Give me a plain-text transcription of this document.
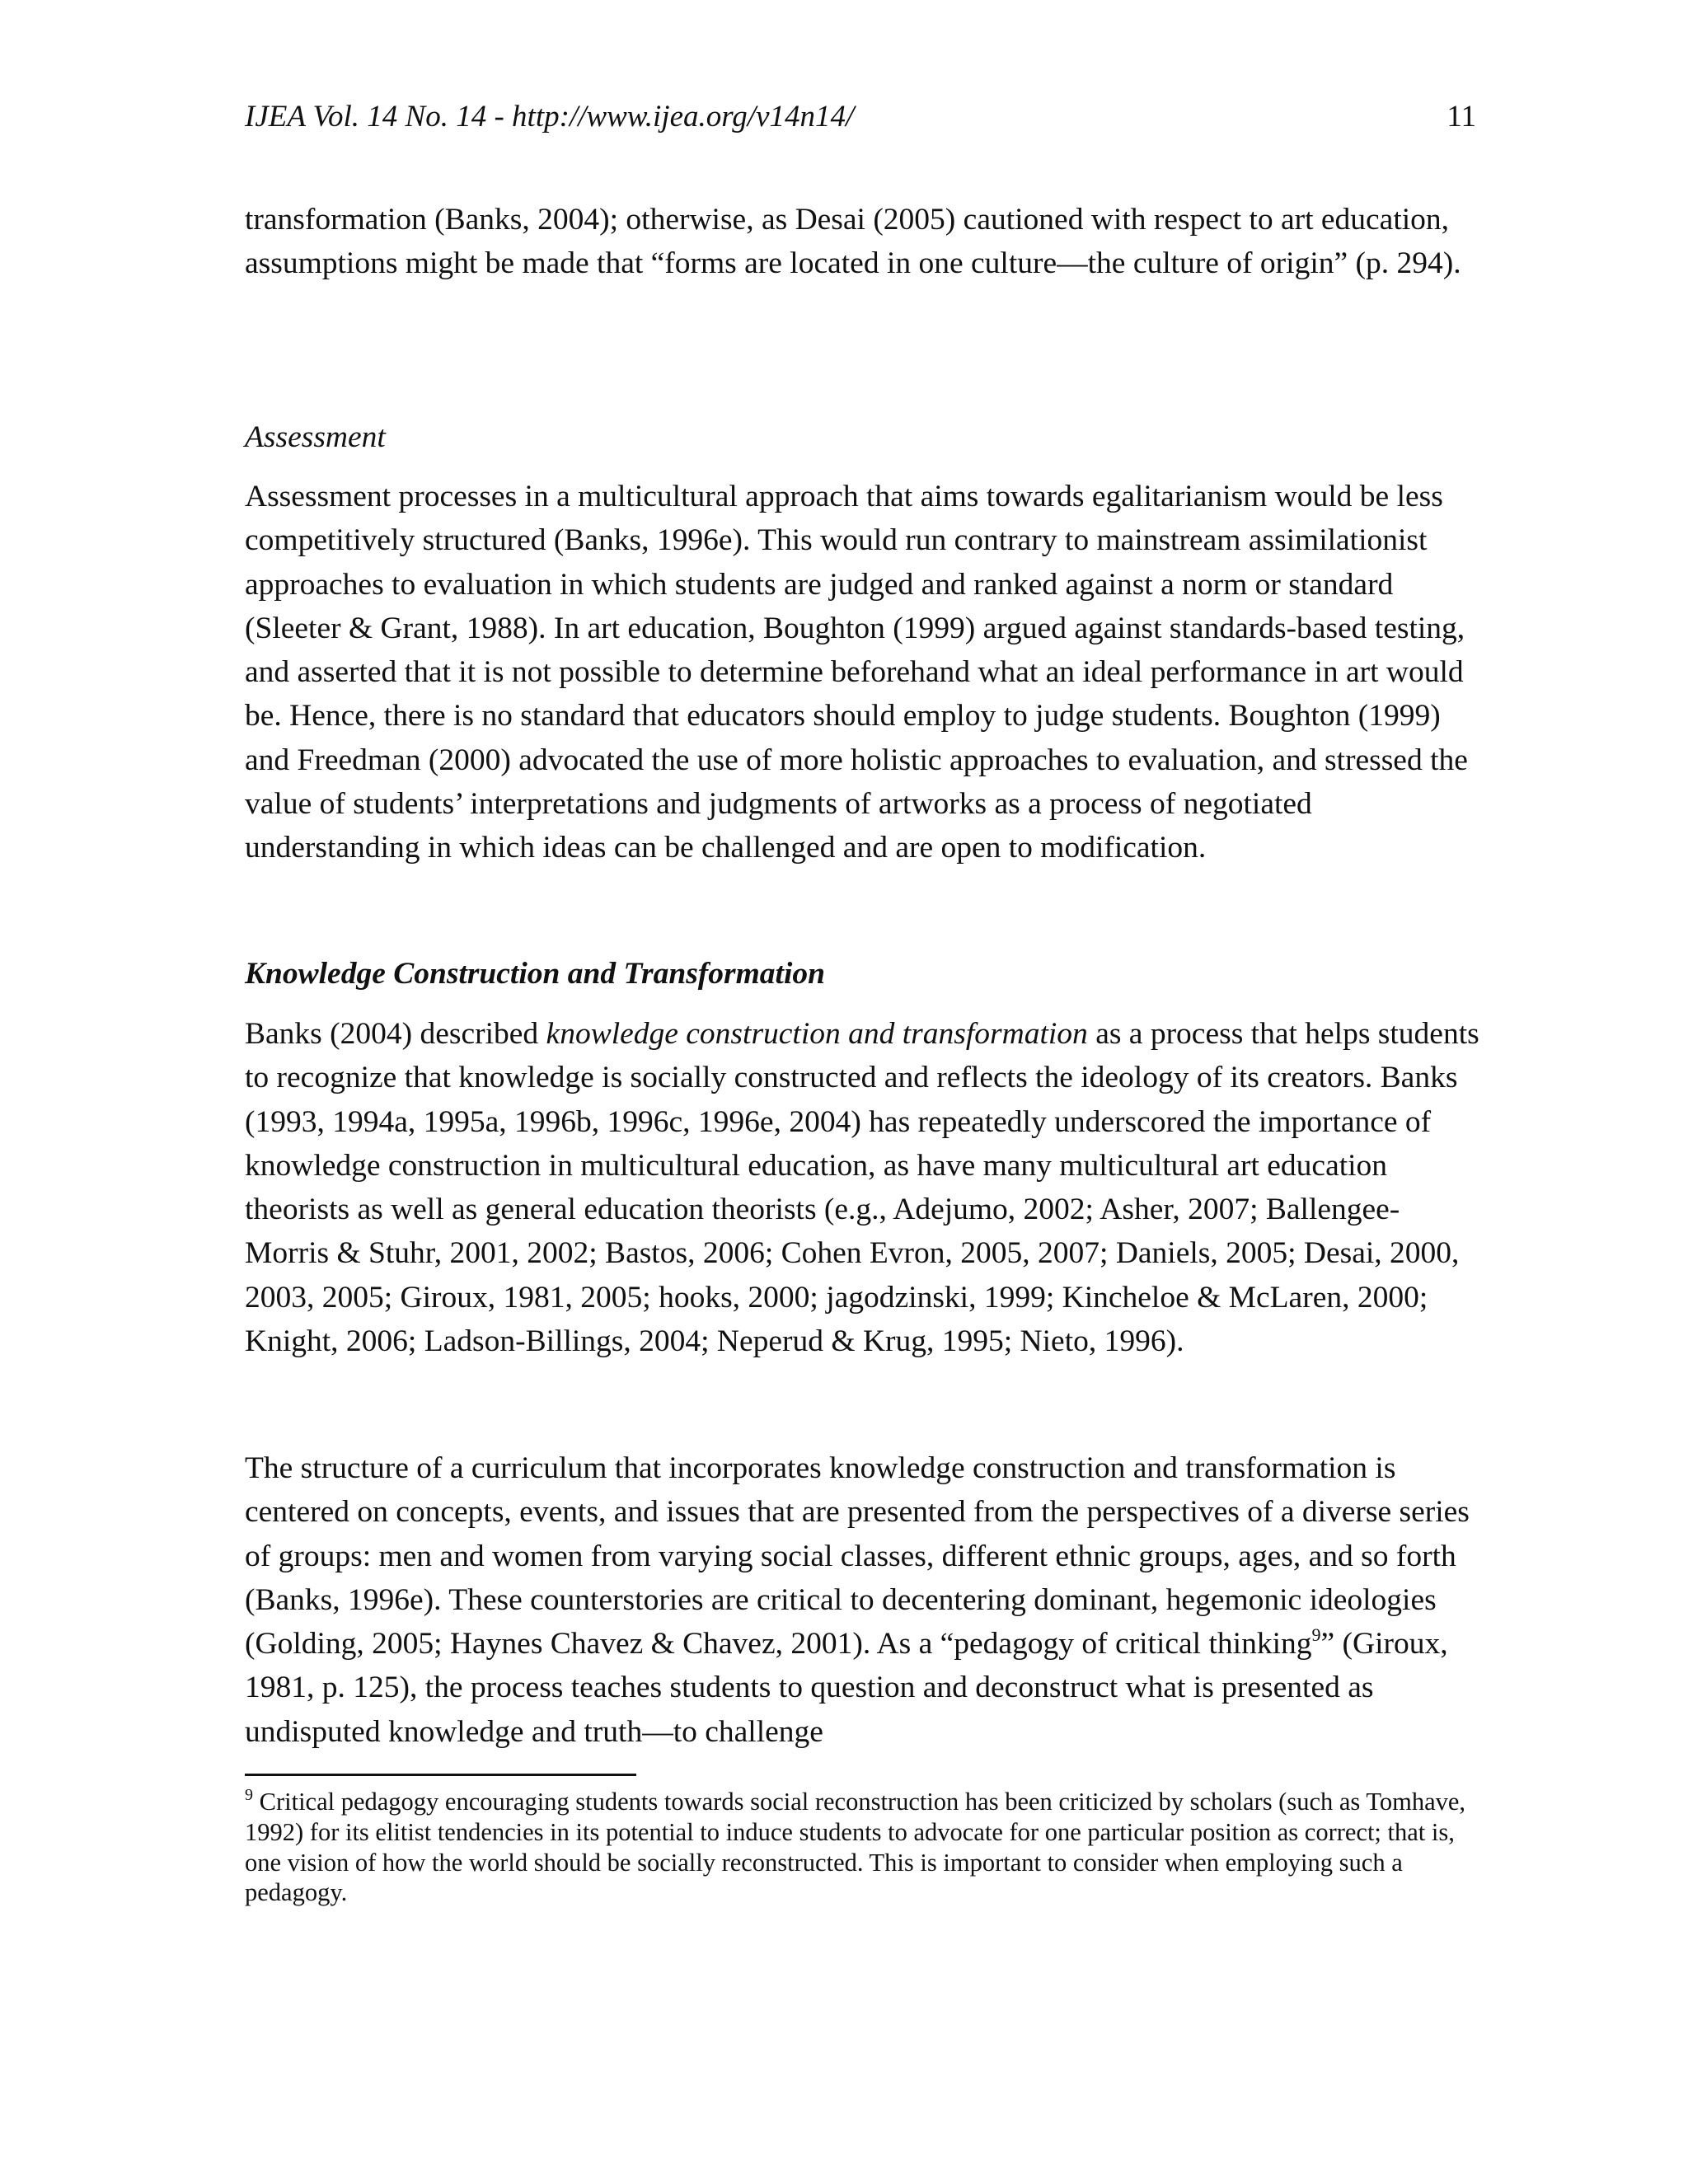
IJEA Vol. 14 No. 14 - http://www.ijea.org/v14n14/	11

transformation (Banks, 2004); otherwise, as Desai (2005) cautioned with respect to art education, assumptions might be made that “forms are located in one culture—the culture of origin” (p. 294).

Assessment

Assessment processes in a multicultural approach that aims towards egalitarianism would be less competitively structured (Banks, 1996e). This would run contrary to mainstream assimilationist approaches to evaluation in which students are judged and ranked against a norm or standard (Sleeter & Grant, 1988). In art education, Boughton (1999) argued against standards-based testing, and asserted that it is not possible to determine beforehand what an ideal performance in art would be. Hence, there is no standard that educators should employ to judge students. Boughton (1999) and Freedman (2000) advocated the use of more holistic approaches to evaluation, and stressed the value of students’ interpretations and judgments of artworks as a process of negotiated understanding in which ideas can be challenged and are open to modification.

Knowledge Construction and Transformation

Banks (2004) described knowledge construction and transformation as a process that helps students to recognize that knowledge is socially constructed and reflects the ideology of its creators. Banks (1993, 1994a, 1995a, 1996b, 1996c, 1996e, 2004) has repeatedly underscored the importance of knowledge construction in multicultural education, as have many multicultural art education theorists as well as general education theorists (e.g., Adejumo, 2002; Asher, 2007; Ballengee-Morris & Stuhr, 2001, 2002; Bastos, 2006; Cohen Evron, 2005, 2007; Daniels, 2005; Desai, 2000, 2003, 2005; Giroux, 1981, 2005; hooks, 2000; jagodzinski, 1999; Kincheloe & McLaren, 2000; Knight, 2006; Ladson-Billings, 2004; Neperud & Krug, 1995; Nieto, 1996).

The structure of a curriculum that incorporates knowledge construction and transformation is centered on concepts, events, and issues that are presented from the perspectives of a diverse series of groups: men and women from varying social classes, different ethnic groups, ages, and so forth (Banks, 1996e). These counterstories are critical to decentering dominant, hegemonic ideologies (Golding, 2005; Haynes Chavez & Chavez, 2001). As a “pedagogy of critical thinking$^9$” (Giroux, 1981, p. 125), the process teaches students to question and deconstruct what is presented as undisputed knowledge and truth—to challenge

$^9$ Critical pedagogy encouraging students towards social reconstruction has been criticized by scholars (such as Tomhave, 1992) for its elitist tendencies in its potential to induce students to advocate for one particular position as correct; that is, one vision of how the world should be socially reconstructed. This is important to consider when employing such a pedagogy.
